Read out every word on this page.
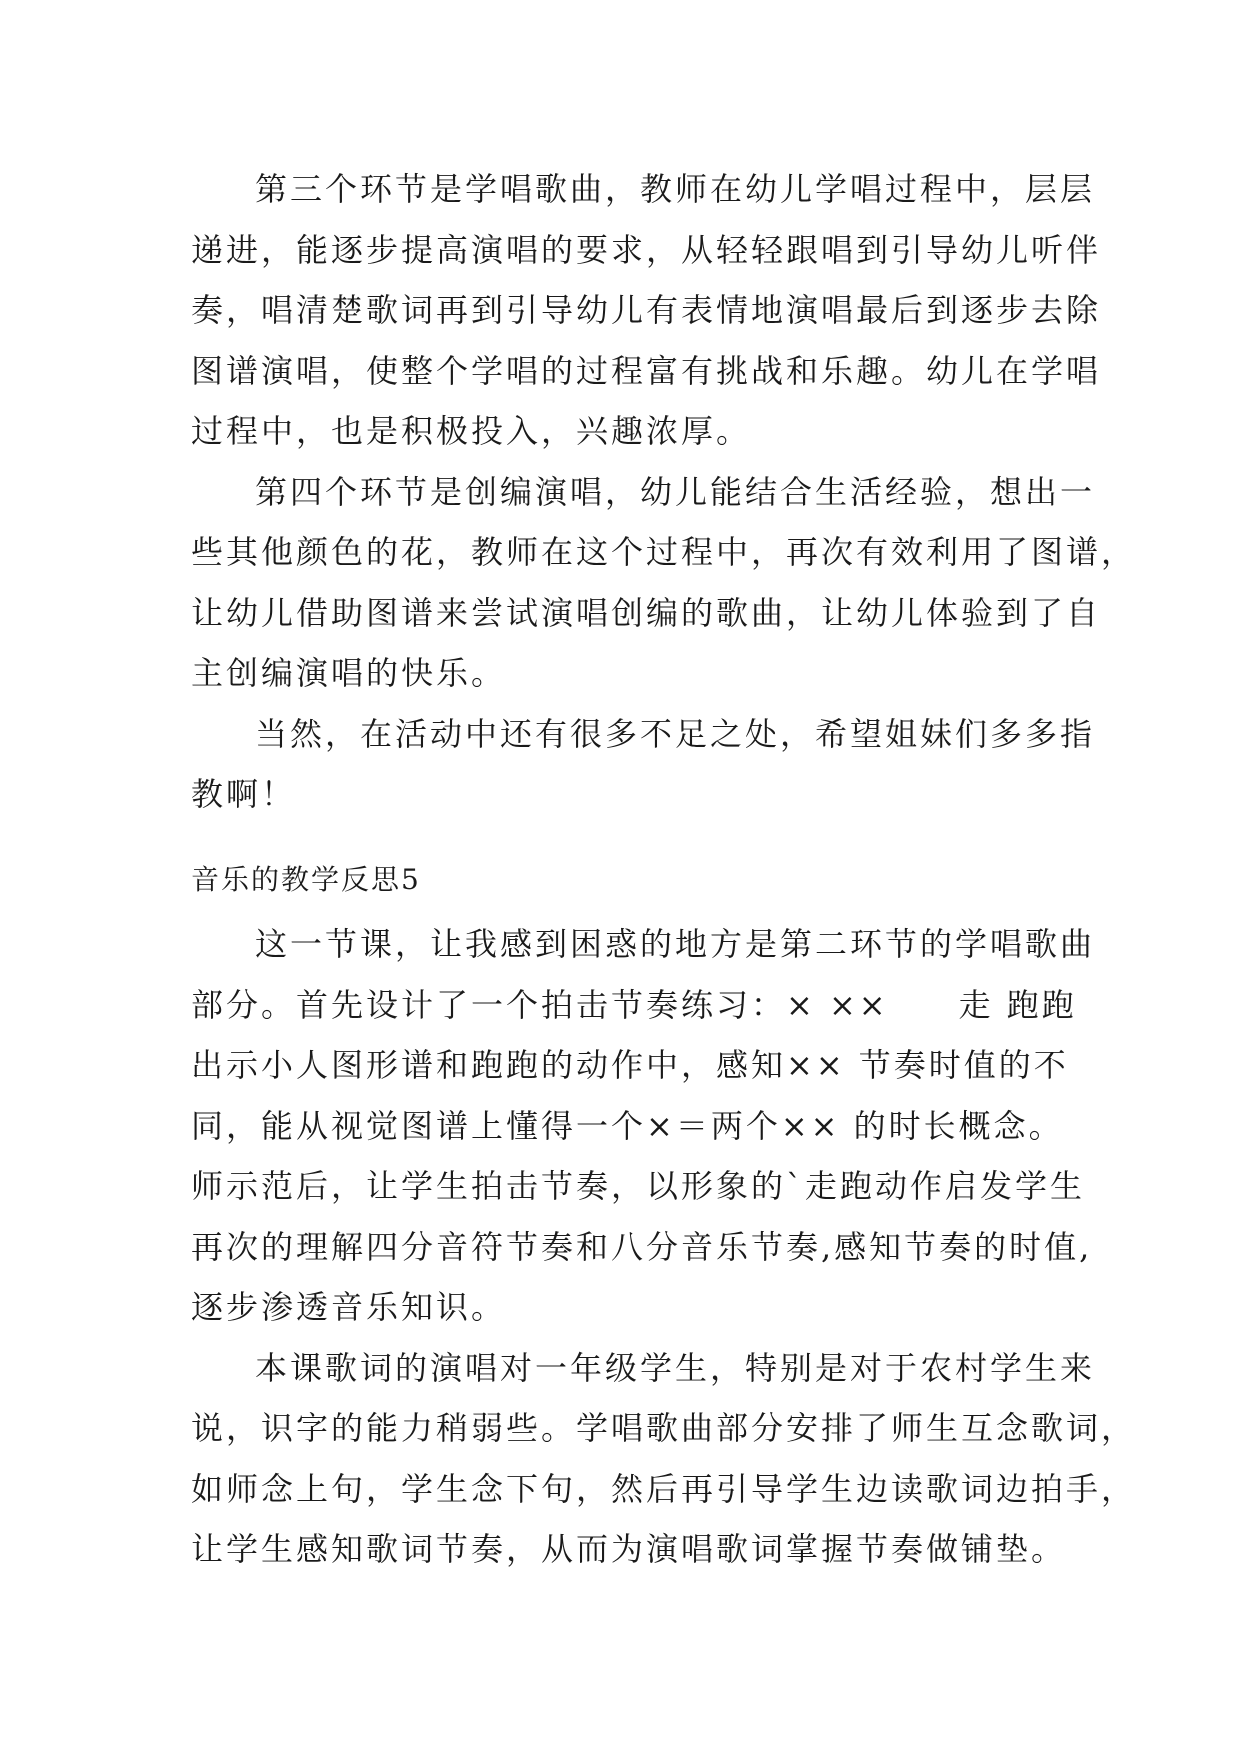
第三个环节是学唱歌曲，教师在幼儿学唱过程中，层层
递进，能逐步提高演唱的要求，从轻轻跟唱到引导幼儿听伴
奏，唱清楚歌词再到引导幼儿有表情地演唱最后到逐步去除
图谱演唱，使整个学唱的过程富有挑战和乐趣。幼儿在学唱
过程中，也是积极投入，兴趣浓厚。
第四个环节是创编演唱，幼儿能结合生活经验，想出一
些其他颜色的花，教师在这个过程中，再次有效利用了图谱，
让幼儿借助图谱来尝试演唱创编的歌曲，让幼儿体验到了自
主创编演唱的快乐。
当然，在活动中还有很多不足之处，希望姐妹们多多指
教啊！
音乐的教学反思5
这一节课，让我感到困惑的地方是第二环节的学唱歌曲
部分。首先设计了一个拍击节奏练习：× ××　　走 跑跑
出示小人图形谱和跑跑的动作中，感知×× 节奏时值的不
同，能从视觉图谱上懂得一个×＝两个×× 的时长概念。
师示范后，让学生拍击节奏，以形象的`走跑动作启发学生
再次的理解四分音符节奏和八分音乐节奏,感知节奏的时值,
逐步渗透音乐知识。
本课歌词的演唱对一年级学生，特别是对于农村学生来
说，识字的能力稍弱些。学唱歌曲部分安排了师生互念歌词，
如师念上句，学生念下句，然后再引导学生边读歌词边拍手，
让学生感知歌词节奏，从而为演唱歌词掌握节奏做铺垫。
